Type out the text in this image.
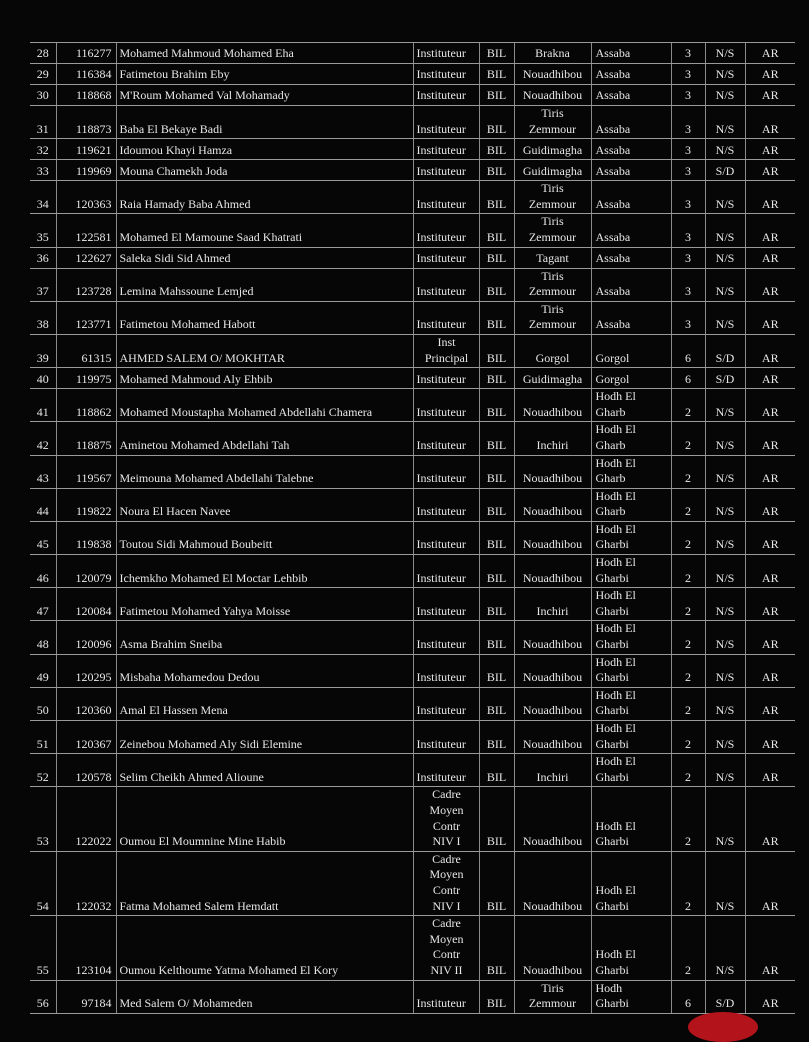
28	116277	Mohamed Mahmoud Mohamed Eha	Instituteur	BIL	Brakna	Assaba	3	N/S	AR
29	116384	Fatimetou Brahim Eby	Instituteur	BIL	Nouadhibou	Assaba	3	N/S	AR
30	118868	M'Roum Mohamed Val Mohamady	Instituteur	BIL	Nouadhibou	Assaba	3	N/S	AR
31	118873	Baba El Bekaye Badi	Instituteur	BIL	Tiris
Zemmour	Assaba	3	N/S	AR
32	119621	Idoumou Khayi Hamza	Instituteur	BIL	Guidimagha	Assaba	3	N/S	AR
33	119969	Mouna Chamekh Joda	Instituteur	BIL	Guidimagha	Assaba	3	S/D	AR
34	120363	Raia Hamady Baba Ahmed	Instituteur	BIL	Tiris
Zemmour	Assaba	3	N/S	AR
35	122581	Mohamed El Mamoune Saad Khatrati	Instituteur	BIL	Tiris
Zemmour	Assaba	3	N/S	AR
36	122627	Saleka Sidi Sid Ahmed	Instituteur	BIL	Tagant	Assaba	3	N/S	AR
37	123728	Lemina Mahssoune Lemjed	Instituteur	BIL	Tiris
Zemmour	Assaba	3	N/S	AR
38	123771	Fatimetou Mohamed Habott	Instituteur	BIL	Tiris
Zemmour	Assaba	3	N/S	AR
39	61315	AHMED SALEM O/ MOKHTAR	Inst
Principal	BIL	Gorgol	Gorgol	6	S/D	AR
40	119975	Mohamed Mahmoud Aly Ehbib	Instituteur	BIL	Guidimagha	Gorgol	6	S/D	AR
41	118862	Mohamed Moustapha Mohamed Abdellahi Chamera	Instituteur	BIL	Nouadhibou	Hodh El
Gharb	2	N/S	AR
42	118875	Aminetou Mohamed Abdellahi Tah	Instituteur	BIL	Inchiri	Hodh El
Gharb	2	N/S	AR
43	119567	Meimouna Mohamed Abdellahi Talebne	Instituteur	BIL	Nouadhibou	Hodh El
Gharb	2	N/S	AR
44	119822	Noura El Hacen Navee	Instituteur	BIL	Nouadhibou	Hodh El
Gharb	2	N/S	AR
45	119838	Toutou Sidi Mahmoud Boubeitt	Instituteur	BIL	Nouadhibou	Hodh El
Gharbi	2	N/S	AR
46	120079	Ichemkho Mohamed El Moctar Lehbib	Instituteur	BIL	Nouadhibou	Hodh El
Gharbi	2	N/S	AR
47	120084	Fatimetou Mohamed Yahya Moisse	Instituteur	BIL	Inchiri	Hodh El
Gharbi	2	N/S	AR
48	120096	Asma Brahim Sneiba	Instituteur	BIL	Nouadhibou	Hodh El
Gharbi	2	N/S	AR
49	120295	Misbaha Mohamedou Dedou	Instituteur	BIL	Nouadhibou	Hodh El
Gharbi	2	N/S	AR
50	120360	Amal El Hassen Mena	Instituteur	BIL	Nouadhibou	Hodh El
Gharbi	2	N/S	AR
51	120367	Zeinebou Mohamed Aly Sidi Elemine	Instituteur	BIL	Nouadhibou	Hodh El
Gharbi	2	N/S	AR
52	120578	Selim Cheikh Ahmed Alioune	Instituteur	BIL	Inchiri	Hodh El
Gharbi	2	N/S	AR
53	122022	Oumou El Moumnine Mine Habib	Cadre
Moyen
Contr
NIV I	BIL	Nouadhibou	Hodh El
Gharbi	2	N/S	AR
54	122032	Fatma Mohamed Salem Hemdatt	Cadre
Moyen
Contr
NIV I	BIL	Nouadhibou	Hodh El
Gharbi	2	N/S	AR
55	123104	Oumou Kelthoume Yatma Mohamed El Kory	Cadre
Moyen
Contr
NIV II	BIL	Nouadhibou	Hodh El
Gharbi	2	N/S	AR
56	97184	Med Salem O/ Mohameden	Instituteur	BIL	Tiris
Zemmour	Hodh
Gharbi	6	S/D	AR
